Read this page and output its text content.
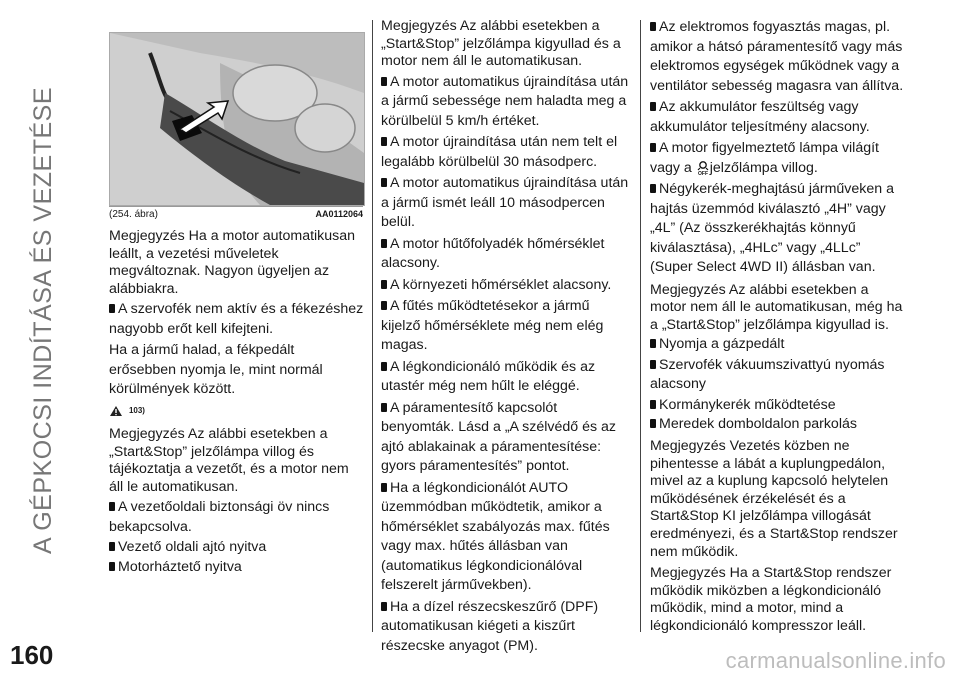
A GÉPKOCSI INDÍTÁSA ÉS VEZETÉSE
160	carmanualsonline.info
(254. ábra)	AA0112064

Megjegyzés Ha a motor automatikusan leállt, a vezetési műveletek megváltoznak. Nagyon ügyeljen az alábbiakra.

A szervofék nem aktív és a fékezéshez nagyobb erőt kell kifejteni.

Ha a jármű halad, a fékpedált erősebben nyomja le, mint normál körülmények között.

103)

Megjegyzés Az alábbi esetekben a „Start&Stop” jelzőlámpa villog és tájékoztatja a vezetőt, és a motor nem áll le automatikusan.

A vezetőoldali biztonsági öv nincs bekapcsolva.

Vezető oldali ajtó nyitva

Motorháztető nyitva

Megjegyzés Az alábbi esetekben a „Start&Stop” jelzőlámpa kigyullad és a motor nem áll le automatikusan.

A motor automatikus újraindítása után a jármű sebessége nem haladta meg a körülbelül 5 km/h értéket.

A motor újraindítása után nem telt el legalább körülbelül 30 másodperc.

A motor automatikus újraindítása után a jármű ismét leáll 10 másodpercen belül.

A motor hűtőfolyadék hőmérséklet alacsony.

A környezeti hőmérséklet alacsony.

A fűtés működtetésekor a jármű kijelző hőmérséklete még nem elég magas.

A légkondicionáló működik és az utastér még nem hűlt le eléggé.

A páramentesítő kapcsolót benyomták. Lásd a „A szélvédő és az ajtó ablakainak a páramentesítése: gyors páramentesítés” pontot.

Ha a légkondicionálót AUTO üzemmódban működtetik, amikor a hőmérséklet szabályozás max. fűtés vagy max. hűtés állásban van (automatikus légkondicionálóval felszerelt járművekben).

Ha a dízel részecskeszűrő (DPF) automatikusan kiégeti a kiszűrt részecske anyagot (PM).

Az elektromos fogyasztás magas, pl. amikor a hátsó páramentesítő vagy más elektromos egységek működnek vagy a ventilátor sebesség magasra van állítva.

Az akkumulátor feszültség vagy akkumulátor teljesítmény alacsony.

A motor figyelmeztető lámpa világít vagy a OFF jelzőlámpa villog.

Négykerék-meghajtású járműveken a hajtás üzemmód kiválasztó „4H” vagy „4L” (Az összkerékhajtás könnyű kiválasztása), „4HLc” vagy „4LLc” (Super Select 4WD II) állásban van.

Megjegyzés Az alábbi esetekben a motor nem áll le automatikusan, még ha a „Start&Stop” jelzőlámpa kigyullad is.

Nyomja a gázpedált

Szervofék vákuumszivattyú nyomás alacsony

Kormánykerék működtetése

Meredek domboldalon parkolás

Megjegyzés Vezetés közben ne pihentesse a lábát a kuplungpedálon, mivel az a kuplung kapcsoló helytelen működésének érzékelését és a Start&Stop KI jelzőlámpa villogását eredményezi, és a Start&Stop rendszer nem működik.

Megjegyzés Ha a Start&Stop rendszer működik miközben a légkondicionáló működik, mind a motor, mind a légkondicionáló kompresszor leáll.
